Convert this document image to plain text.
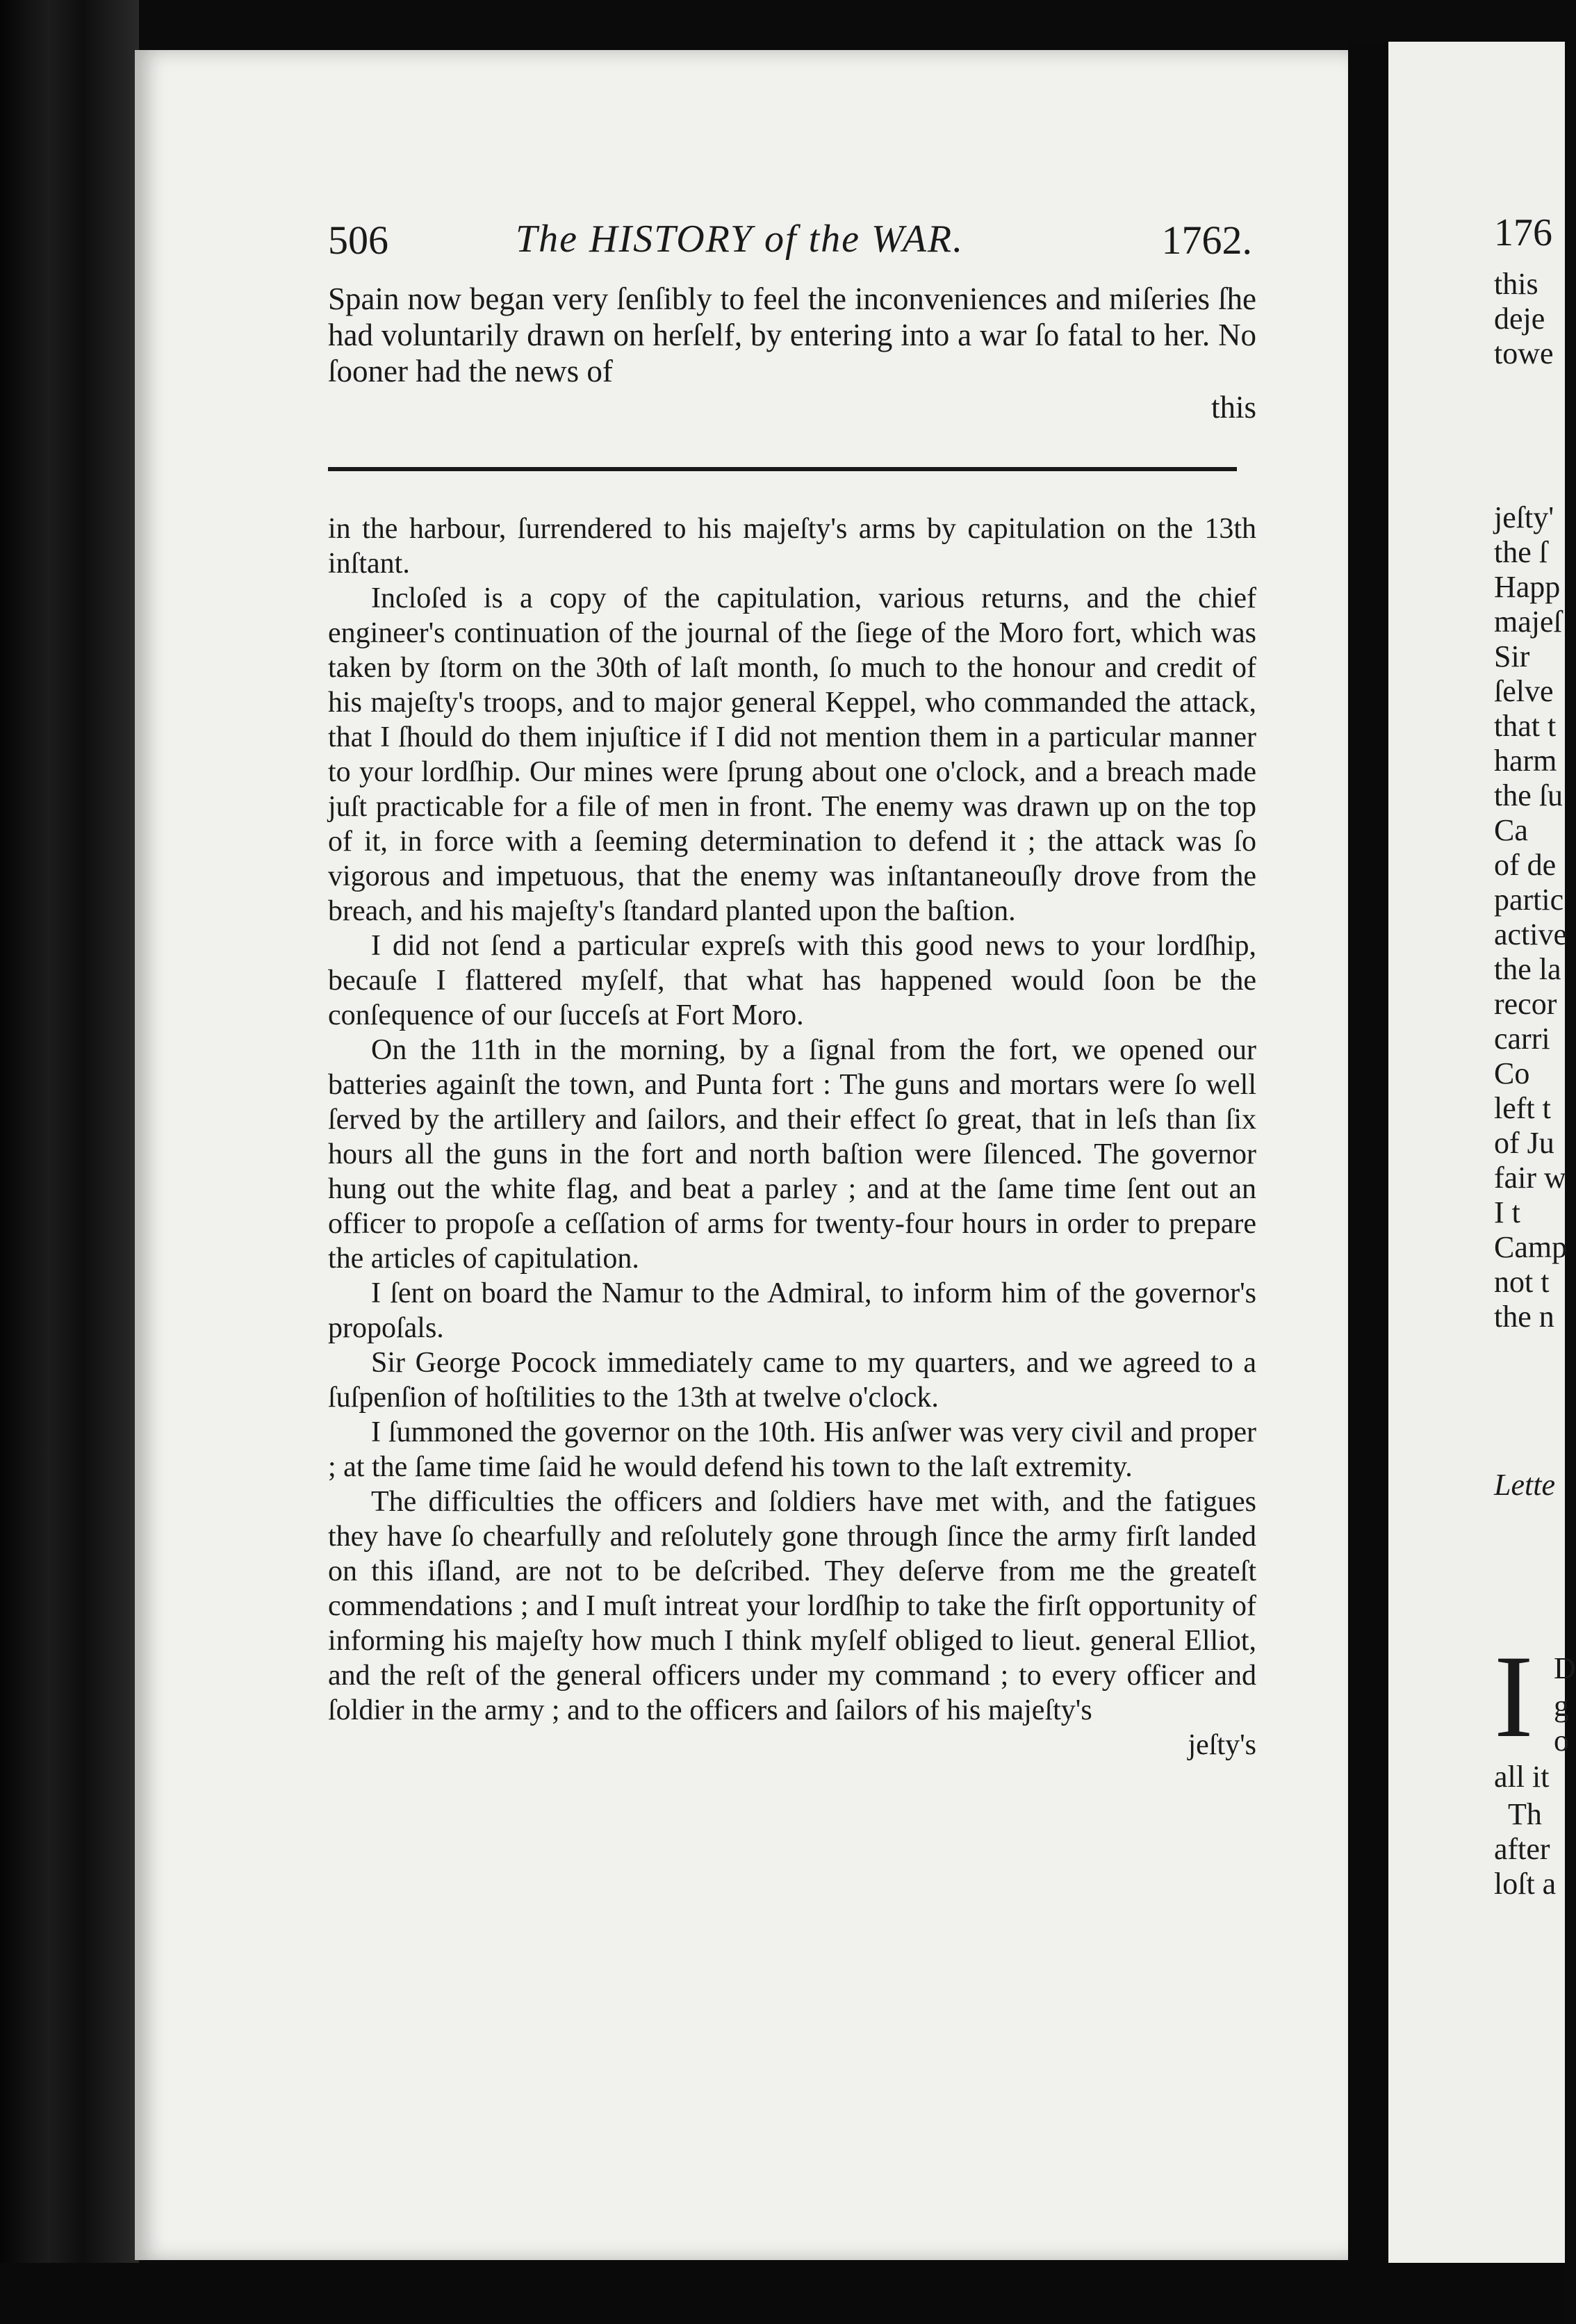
506	The HISTORY of the WAR.	1762.
Spain now began very ſenſibly to feel the inconveniences and miſeries ſhe had voluntarily drawn on herſelf, by entering into a war ſo fatal to her. No ſooner had the news of
this

in the harbour, ſurrendered to his majeſty's arms by capitulation on the 13th inſtant.

Incloſed is a copy of the capitulation, various returns, and the chief engineer's continuation of the journal of the ſiege of the Moro fort, which was taken by ſtorm on the 30th of laſt month, ſo much to the honour and credit of his majeſty's troops, and to major general Keppel, who commanded the attack, that I ſhould do them injuſtice if I did not mention them in a particular manner to your lordſhip. Our mines were ſprung about one o'clock, and a breach made juſt practicable for a file of men in front. The enemy was drawn up on the top of it, in force with a ſeeming determination to defend it ; the attack was ſo vigorous and impetuous, that the enemy was inſtantaneouſly drove from the breach, and his majeſty's ſtandard planted upon the baſtion.

I did not ſend a particular expreſs with this good news to your lordſhip, becauſe I flattered myſelf, that what has happened would ſoon be the conſequence of our ſucceſs at Fort Moro.

On the 11th in the morning, by a ſignal from the fort, we opened our batteries againſt the town, and Punta fort : The guns and mortars were ſo well ſerved by the artillery and ſailors, and their effect ſo great, that in leſs than ſix hours all the guns in the fort and north baſtion were ſilenced. The governor hung out the white flag, and beat a parley ; and at the ſame time ſent out an officer to propoſe a ceſſation of arms for twenty-four hours in order to prepare the articles of capitulation.

I ſent on board the Namur to the Admiral, to inform him of the governor's propoſals.

Sir George Pocock immediately came to my quarters, and we agreed to a ſuſpenſion of hoſtilities to the 13th at twelve o'clock.

I ſummoned the governor on the 10th. His anſwer was very civil and proper ; at the ſame time ſaid he would defend his town to the laſt extremity.

The difficulties the officers and ſoldiers have met with, and the fatigues they have ſo chearfully and reſolutely gone through ſince the army firſt landed on this iſland, are not to be deſcribed. They deſerve from me the greateſt commendations ; and I muſt intreat your lordſhip to take the firſt opportunity of informing his majeſty how much I think myſelf obliged to lieut. general Elliot, and the reſt of the general officers under my command ; to every officer and ſoldier in the army ; and to the officers and ſailors of his majeſty's

jeſty's

176
this
deje
towe
jeſty'
the ſ
Happ
majeſ
Sir
ſelve
that t
harm
the ſu
Ca
of de
partic
active
the la
recor
carri
Co
left t
of Ju
fair w
I t
Camp
not t
the n
Lette
I D
g
o
all it
Th
after
loſt a
